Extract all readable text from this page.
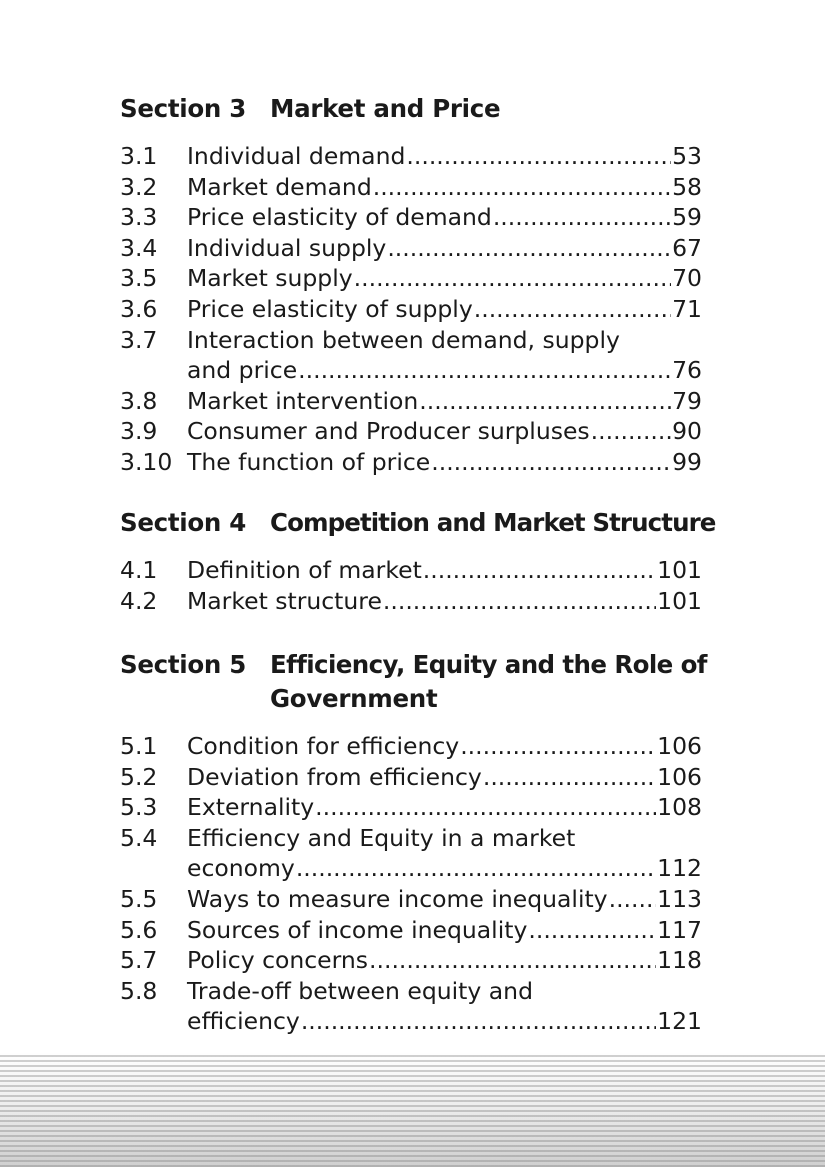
Section 3 Market and Price
3.1 Individual demand .....	53
3.2 Market demand .....	58
3.3 Price elasticity of demand .....	59
3.4 Individual supply .....	67
3.5 Market supply .....	70
3.6 Price elasticity of supply .....	71
3.7 Interaction between demand, supply
and price .....	76
3.8 Market intervention .....	79
3.9 Consumer and Producer surpluses .....	90
3.10 The function of price .....	99
Section 4 Competition and Market Structure
4.1 Definition of market .....	101
4.2 Market structure .....	101
Section 5 Efficiency, Equity and the Role of
Government
5.1 Condition for efficiency .....	106
5.2 Deviation from efficiency .....	106
5.3 Externality .....	108
5.4 Efficiency and Equity in a market
economy .....	112
5.5 Ways to measure income inequality ..... 113
5.6 Sources of income inequality .....	117
5.7 Policy concerns .....	118
5.8 Trade-off between equity and
efficiency .....	121
